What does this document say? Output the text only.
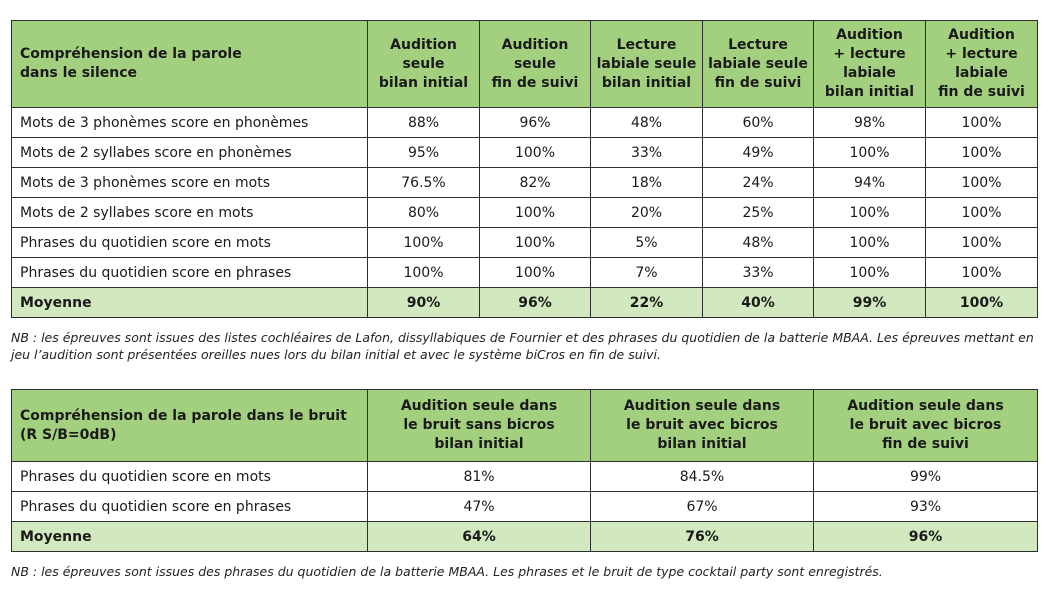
Compréhension de la parole
dans le silence	Audition
seule
bilan initial	Audition
seule
fin de suivi	Lecture
labiale seule
bilan initial	Lecture
labiale seule
fin de suivi	Audition
+ lecture
labiale
bilan initial	Audition
+ lecture
labiale
fin de suivi

Mots de 3 phonèmes score en phonèmes	88%	96%	48%	60%	98%	100%
Mots de 2 syllabes score en phonèmes	95%	100%	33%	49%	100%	100%
Mots de 3 phonèmes score en mots	76.5%	82%	18%	24%	94%	100%
Mots de 2 syllabes score en mots	80%	100%	20%	25%	100%	100%
Phrases du quotidien score en mots	100%	100%	5%	48%	100%	100%
Phrases du quotidien score en phrases	100%	100%	7%	33%	100%	100%
Moyenne	90%	96%	22%	40%	99%	100%
NB : les épreuves sont issues des listes cochléaires de Lafon, dissyllabiques de Fournier et des phrases du quotidien de la batterie MBAA. Les épreuves mettant en jeu l’audition sont présentées oreilles nues lors du bilan initial et avec le système biCros en fin de suivi.
Compréhension de la parole dans le bruit
(R S/B=0dB)	Audition seule dans
le bruit sans bicros
bilan initial	Audition seule dans
le bruit avec bicros
bilan initial	Audition seule dans
le bruit avec bicros
fin de suivi

Phrases du quotidien score en mots	81%	84.5%	99%
Phrases du quotidien score en phrases	47%	67%	93%
Moyenne	64%	76%	96%
NB : les épreuves sont issues des phrases du quotidien de la batterie MBAA. Les phrases et le bruit de type cocktail party sont enregistrés.
